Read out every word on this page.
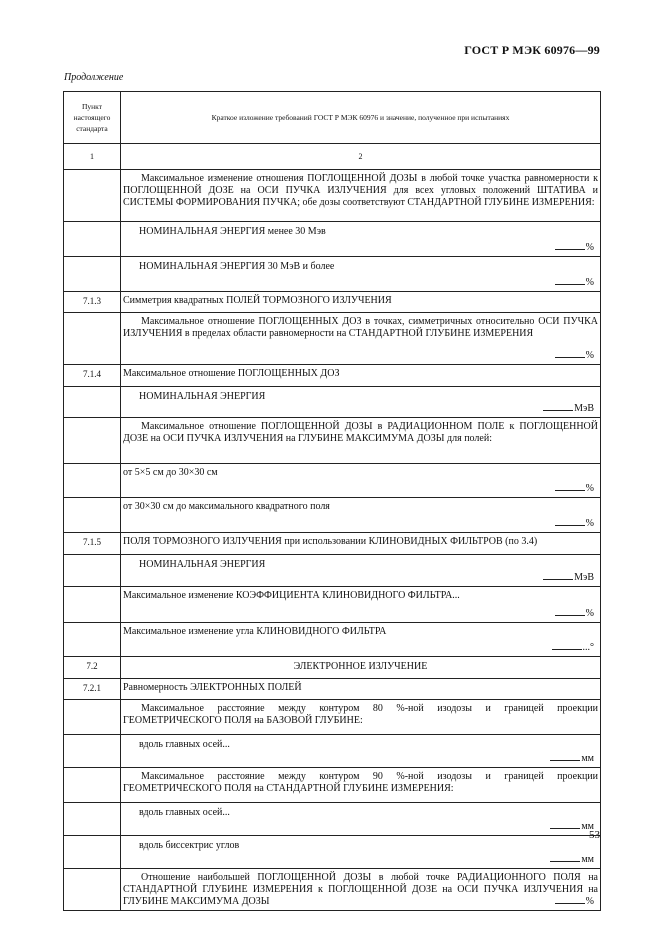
ГОСТ Р МЭК 60976—99
Продолжение
Пункт настоящего стандарта	Краткое изложение требований ГОСТ Р МЭК 60976 и значение, полученное при испытаниях
1	2

	Максимальное изменение отношения ПОГЛОЩЕННОЙ ДОЗЫ в любой точке участка равномерности к ПОГЛОЩЕННОЙ ДОЗЕ на ОСИ ПУЧКА ИЗЛУЧЕНИЯ для всех угловых положений ШТАТИВА и СИСТЕМЫ ФОРМИРОВАНИЯ ПУЧКА; обе дозы соответствуют СТАНДАРТНОЙ ГЛУБИНЕ ИЗМЕРЕНИЯ:

	НОМИНАЛЬНАЯ ЭНЕРГИЯ менее 30 Мэв
%

	НОМИНАЛЬНАЯ ЭНЕРГИЯ 30 МэВ и более
%

7.1.3	Симметрия квадратных ПОЛЕЙ ТОРМОЗНОГО ИЗЛУЧЕНИЯ

	Максимальное отношение ПОГЛОЩЕННЫХ ДОЗ в точках, симметричных относительно ОСИ ПУЧКА ИЗЛУЧЕНИЯ в пределах области равномерности на СТАНДАРТНОЙ ГЛУБИНЕ ИЗМЕРЕНИЯ
%

7.1.4	Максимальное отношение ПОГЛОЩЕННЫХ ДОЗ

	НОМИНАЛЬНАЯ ЭНЕРГИЯ
МэВ

	Максимальное отношение ПОГЛОЩЕННОЙ ДОЗЫ в РАДИАЦИОННОМ ПОЛЕ к ПОГЛОЩЕННОЙ ДОЗЕ на ОСИ ПУЧКА ИЗЛУЧЕНИЯ на ГЛУБИНЕ МАКСИМУМА ДОЗЫ для полей:

	от 5×5 см до 30×30 см
%

	от 30×30 см до максимального квадратного поля
%

7.1.5	ПОЛЯ ТОРМОЗНОГО ИЗЛУЧЕНИЯ при использовании КЛИНОВИДНЫХ ФИЛЬТРОВ (по 3.4)

	НОМИНАЛЬНАЯ ЭНЕРГИЯ
МэВ

	Максимальное изменение КОЭФФИЦИЕНТА КЛИНОВИДНОГО ФИЛЬТРА...
%

	Максимальное изменение угла КЛИНОВИДНОГО ФИЛЬТРА
...°

7.2	ЭЛЕКТРОННОЕ ИЗЛУЧЕНИЕ

7.2.1	Равномерность ЭЛЕКТРОННЫХ ПОЛЕЙ

	Максимальное расстояние между контуром 80 %-ной изодозы и границей проекции ГЕОМЕТРИЧЕСКОГО ПОЛЯ на БАЗОВОЙ ГЛУБИНЕ:

	вдоль главных осей...
мм

	Максимальное расстояние между контуром 90 %-ной изодозы и границей проекции ГЕОМЕТРИЧЕСКОГО ПОЛЯ на СТАНДАРТНОЙ ГЛУБИНЕ ИЗМЕРЕНИЯ:

	вдоль главных осей...
мм

	вдоль биссектрис углов
мм

	Отношение наибольшей ПОГЛОЩЕННОЙ ДОЗЫ в любой точке РАДИАЦИОННОГО ПОЛЯ на СТАНДАРТНОЙ ГЛУБИНЕ ИЗМЕРЕНИЯ к ПОГЛОЩЕННОЙ ДОЗЕ на ОСИ ПУЧКА ИЗЛУЧЕНИЯ на ГЛУБИНЕ МАКСИМУМА ДОЗЫ %
53
